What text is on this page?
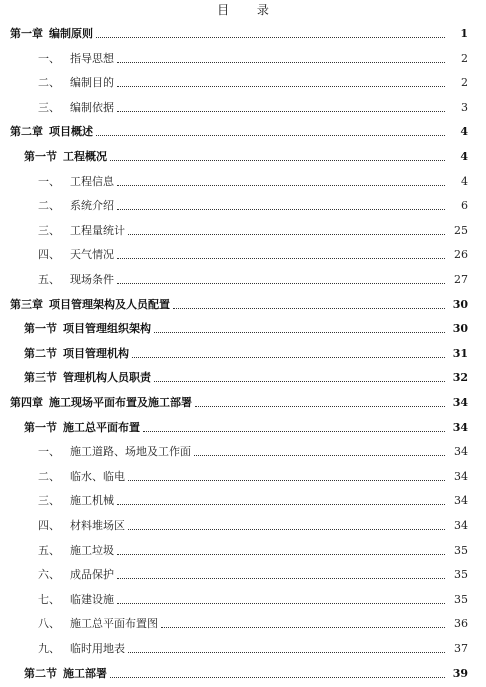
目 录
第一章 编制原则	1
一、 指导思想	2
二、 编制目的	2
三、 编制依据	3
第二章 项目概述	4
第一节 工程概况	4
一、 工程信息	4
二、 系统介绍	6
三、 工程量统计	25
四、 天气情况	26
五、 现场条件	27
第三章 项目管理架构及人员配置	30
第一节 项目管理组织架构	30
第二节 项目管理机构	31
第三节 管理机构人员职责	32
第四章 施工现场平面布置及施工部署	34
第一节 施工总平面布置	34
一、 施工道路、场地及工作面	34
二、 临水、临电	34
三、 施工机械	34
四、 材料堆场区	34
五、 施工垃圾	35
六、 成品保护	35
七、 临建设施	35
八、 施工总平面布置图	36
九、 临时用地表	37
第二节 施工部署	39
